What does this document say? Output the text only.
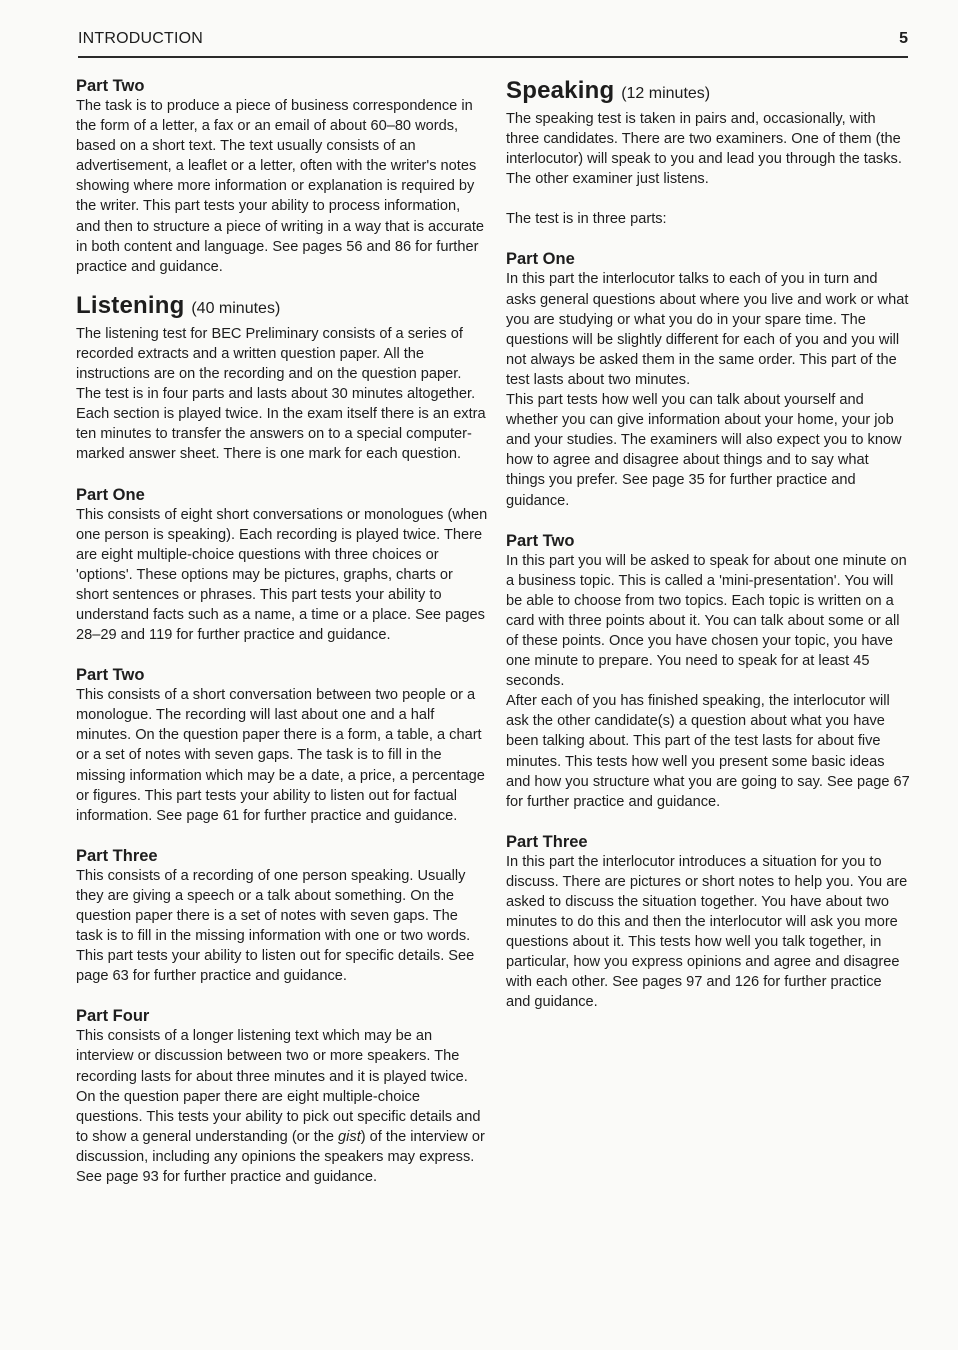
INTRODUCTION	5
Part Two

The task is to produce a piece of business correspondence in the form of a letter, a fax or an email of about 60–80 words, based on a short text. The text usually consists of an advertisement, a leaflet or a letter, often with the writer's notes showing where more information or explanation is required by the writer. This part tests your ability to process information, and then to structure a piece of writing in a way that is accurate in both content and language. See pages 56 and 86 for further practice and guidance.

Listening (40 minutes)

The listening test for BEC Preliminary consists of a series of recorded extracts and a written question paper. All the instructions are on the recording and on the question paper. The test is in four parts and lasts about 30 minutes altogether. Each section is played twice. In the exam itself there is an extra ten minutes to transfer the answers on to a special computer-marked answer sheet. There is one mark for each question.

Part One

This consists of eight short conversations or monologues (when one person is speaking). Each recording is played twice. There are eight multiple-choice questions with three choices or 'options'. These options may be pictures, graphs, charts or short sentences or phrases. This part tests your ability to understand facts such as a name, a time or a place. See pages 28–29 and 119 for further practice and guidance.

Part Two

This consists of a short conversation between two people or a monologue. The recording will last about one and a half minutes. On the question paper there is a form, a table, a chart or a set of notes with seven gaps. The task is to fill in the missing information which may be a date, a price, a percentage or figures. This part tests your ability to listen out for factual information. See page 61 for further practice and guidance.

Part Three

This consists of a recording of one person speaking. Usually they are giving a speech or a talk about something. On the question paper there is a set of notes with seven gaps. The task is to fill in the missing information with one or two words. This part tests your ability to listen out for specific details. See page 63 for further practice and guidance.

Part Four

This consists of a longer listening text which may be an interview or discussion between two or more speakers. The recording lasts for about three minutes and it is played twice. On the question paper there are eight multiple-choice questions. This tests your ability to pick out specific details and to show a general understanding (or the gist) of the interview or discussion, including any opinions the speakers may express. See page 93 for further practice and guidance.

Speaking (12 minutes)

The speaking test is taken in pairs and, occasionally, with three candidates. There are two examiners. One of them (the interlocutor) will speak to you and lead you through the tasks. The other examiner just listens.

The test is in three parts:

Part One

In this part the interlocutor talks to each of you in turn and asks general questions about where you live and work or what you are studying or what you do in your spare time. The questions will be slightly different for each of you and you will not always be asked them in the same order. This part of the test lasts about two minutes.

This part tests how well you can talk about yourself and whether you can give information about your home, your job and your studies. The examiners will also expect you to know how to agree and disagree about things and to say what things you prefer. See page 35 for further practice and guidance.

Part Two

In this part you will be asked to speak for about one minute on a business topic. This is called a 'mini-presentation'. You will be able to choose from two topics. Each topic is written on a card with three points about it. You can talk about some or all of these points. Once you have chosen your topic, you have one minute to prepare. You need to speak for at least 45 seconds.

After each of you has finished speaking, the interlocutor will ask the other candidate(s) a question about what you have been talking about. This part of the test lasts for about five minutes. This tests how well you present some basic ideas and how you structure what you are going to say. See page 67 for further practice and guidance.

Part Three

In this part the interlocutor introduces a situation for you to discuss. There are pictures or short notes to help you. You are asked to discuss the situation together. You have about two minutes to do this and then the interlocutor will ask you more questions about it. This tests how well you talk together, in particular, how you express opinions and agree and disagree with each other. See pages 97 and 126 for further practice and guidance.
